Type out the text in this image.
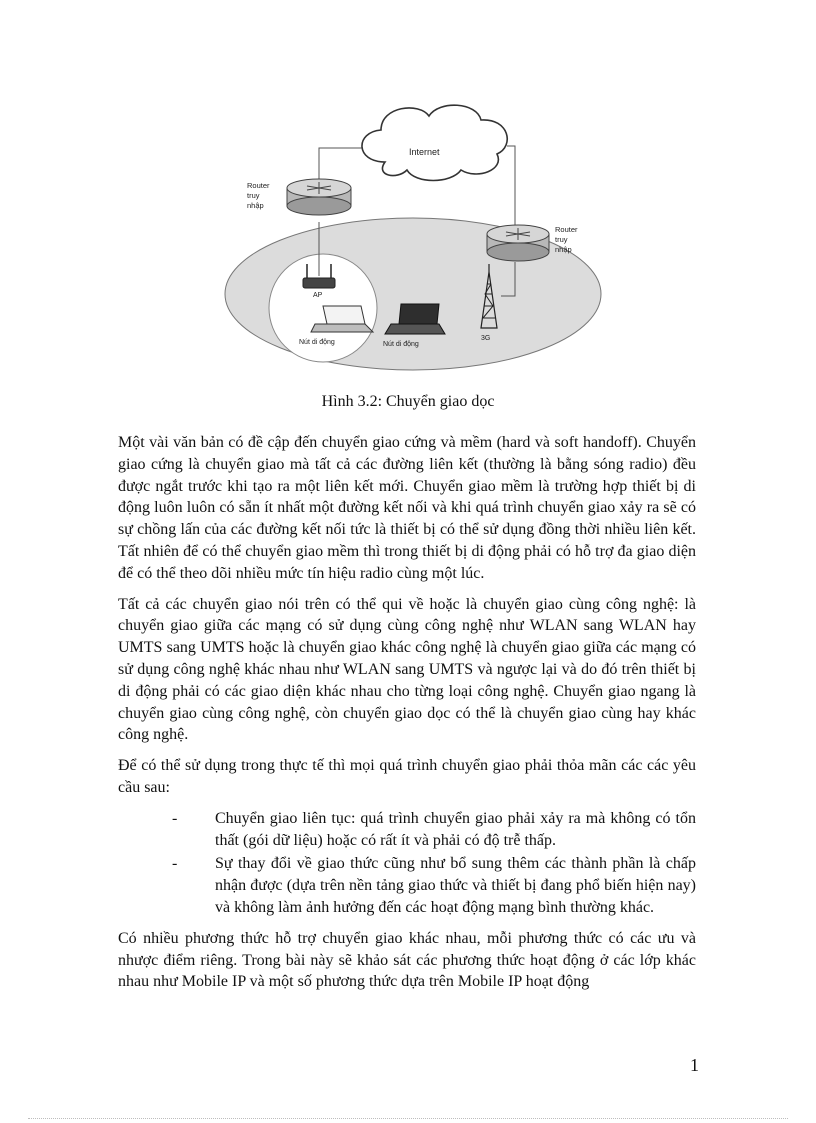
Internet
Router
truy
nhập
Router
truy
nhập
AP
3G
Nút di động	Nút di động
Hình 3.2: Chuyển giao dọc

Một vài văn bản có đề cập đến chuyển giao cứng và mềm (hard và soft handoff). Chuyển giao cứng là chuyển giao mà tất cả các đường liên kết (thường là bằng sóng radio) đều được ngắt trước khi tạo ra một liên kết mới. Chuyển giao mềm là trường hợp thiết bị di động luôn luôn có sẵn ít nhất một đường kết nối và khi quá trình chuyển giao xảy ra sẽ có sự chồng lấn của các đường kết nối tức là thiết bị có thể sử dụng đồng thời nhiều liên kết. Tất nhiên để có thể chuyển giao mềm thì trong thiết bị di động phải có hỗ trợ đa giao diện để có thể theo dõi nhiều mức tín hiệu radio cùng một lúc.

Tất cả các chuyển giao nói trên có thể qui về hoặc là chuyển giao cùng công nghệ: là chuyển giao giữa các mạng có sử dụng cùng công nghệ như WLAN sang WLAN hay UMTS sang UMTS hoặc là chuyển giao khác công nghệ là chuyển giao giữa các mạng có sử dụng công nghệ khác nhau như WLAN sang UMTS và ngược lại và do đó trên thiết bị di động phải có các giao diện khác nhau cho từng loại công nghệ. Chuyển giao ngang là chuyển giao cùng công nghệ, còn chuyển giao dọc có thể là chuyển giao cùng hay khác công nghệ.

Để có thể sử dụng trong thực tế thì mọi quá trình chuyển giao phải thỏa mãn các các yêu cầu sau:

- Chuyển giao liên tục: quá trình chuyển giao phải xảy ra mà không có tổn thất (gói dữ liệu) hoặc có rất ít và phải có độ trễ thấp.
- Sự thay đổi về giao thức cũng như bổ sung thêm các thành phần là chấp nhận được (dựa trên nền tảng giao thức và thiết bị đang phổ biến hiện nay) và không làm ảnh hưởng đến các hoạt động mạng bình thường khác.

Có nhiều phương thức hỗ trợ chuyển giao khác nhau, mỗi phương thức có các ưu và nhược điểm riêng. Trong bài này sẽ khảo sát các phương thức hoạt động ở các lớp khác nhau như Mobile IP và một số phương thức dựa trên Mobile IP hoạt động

1
